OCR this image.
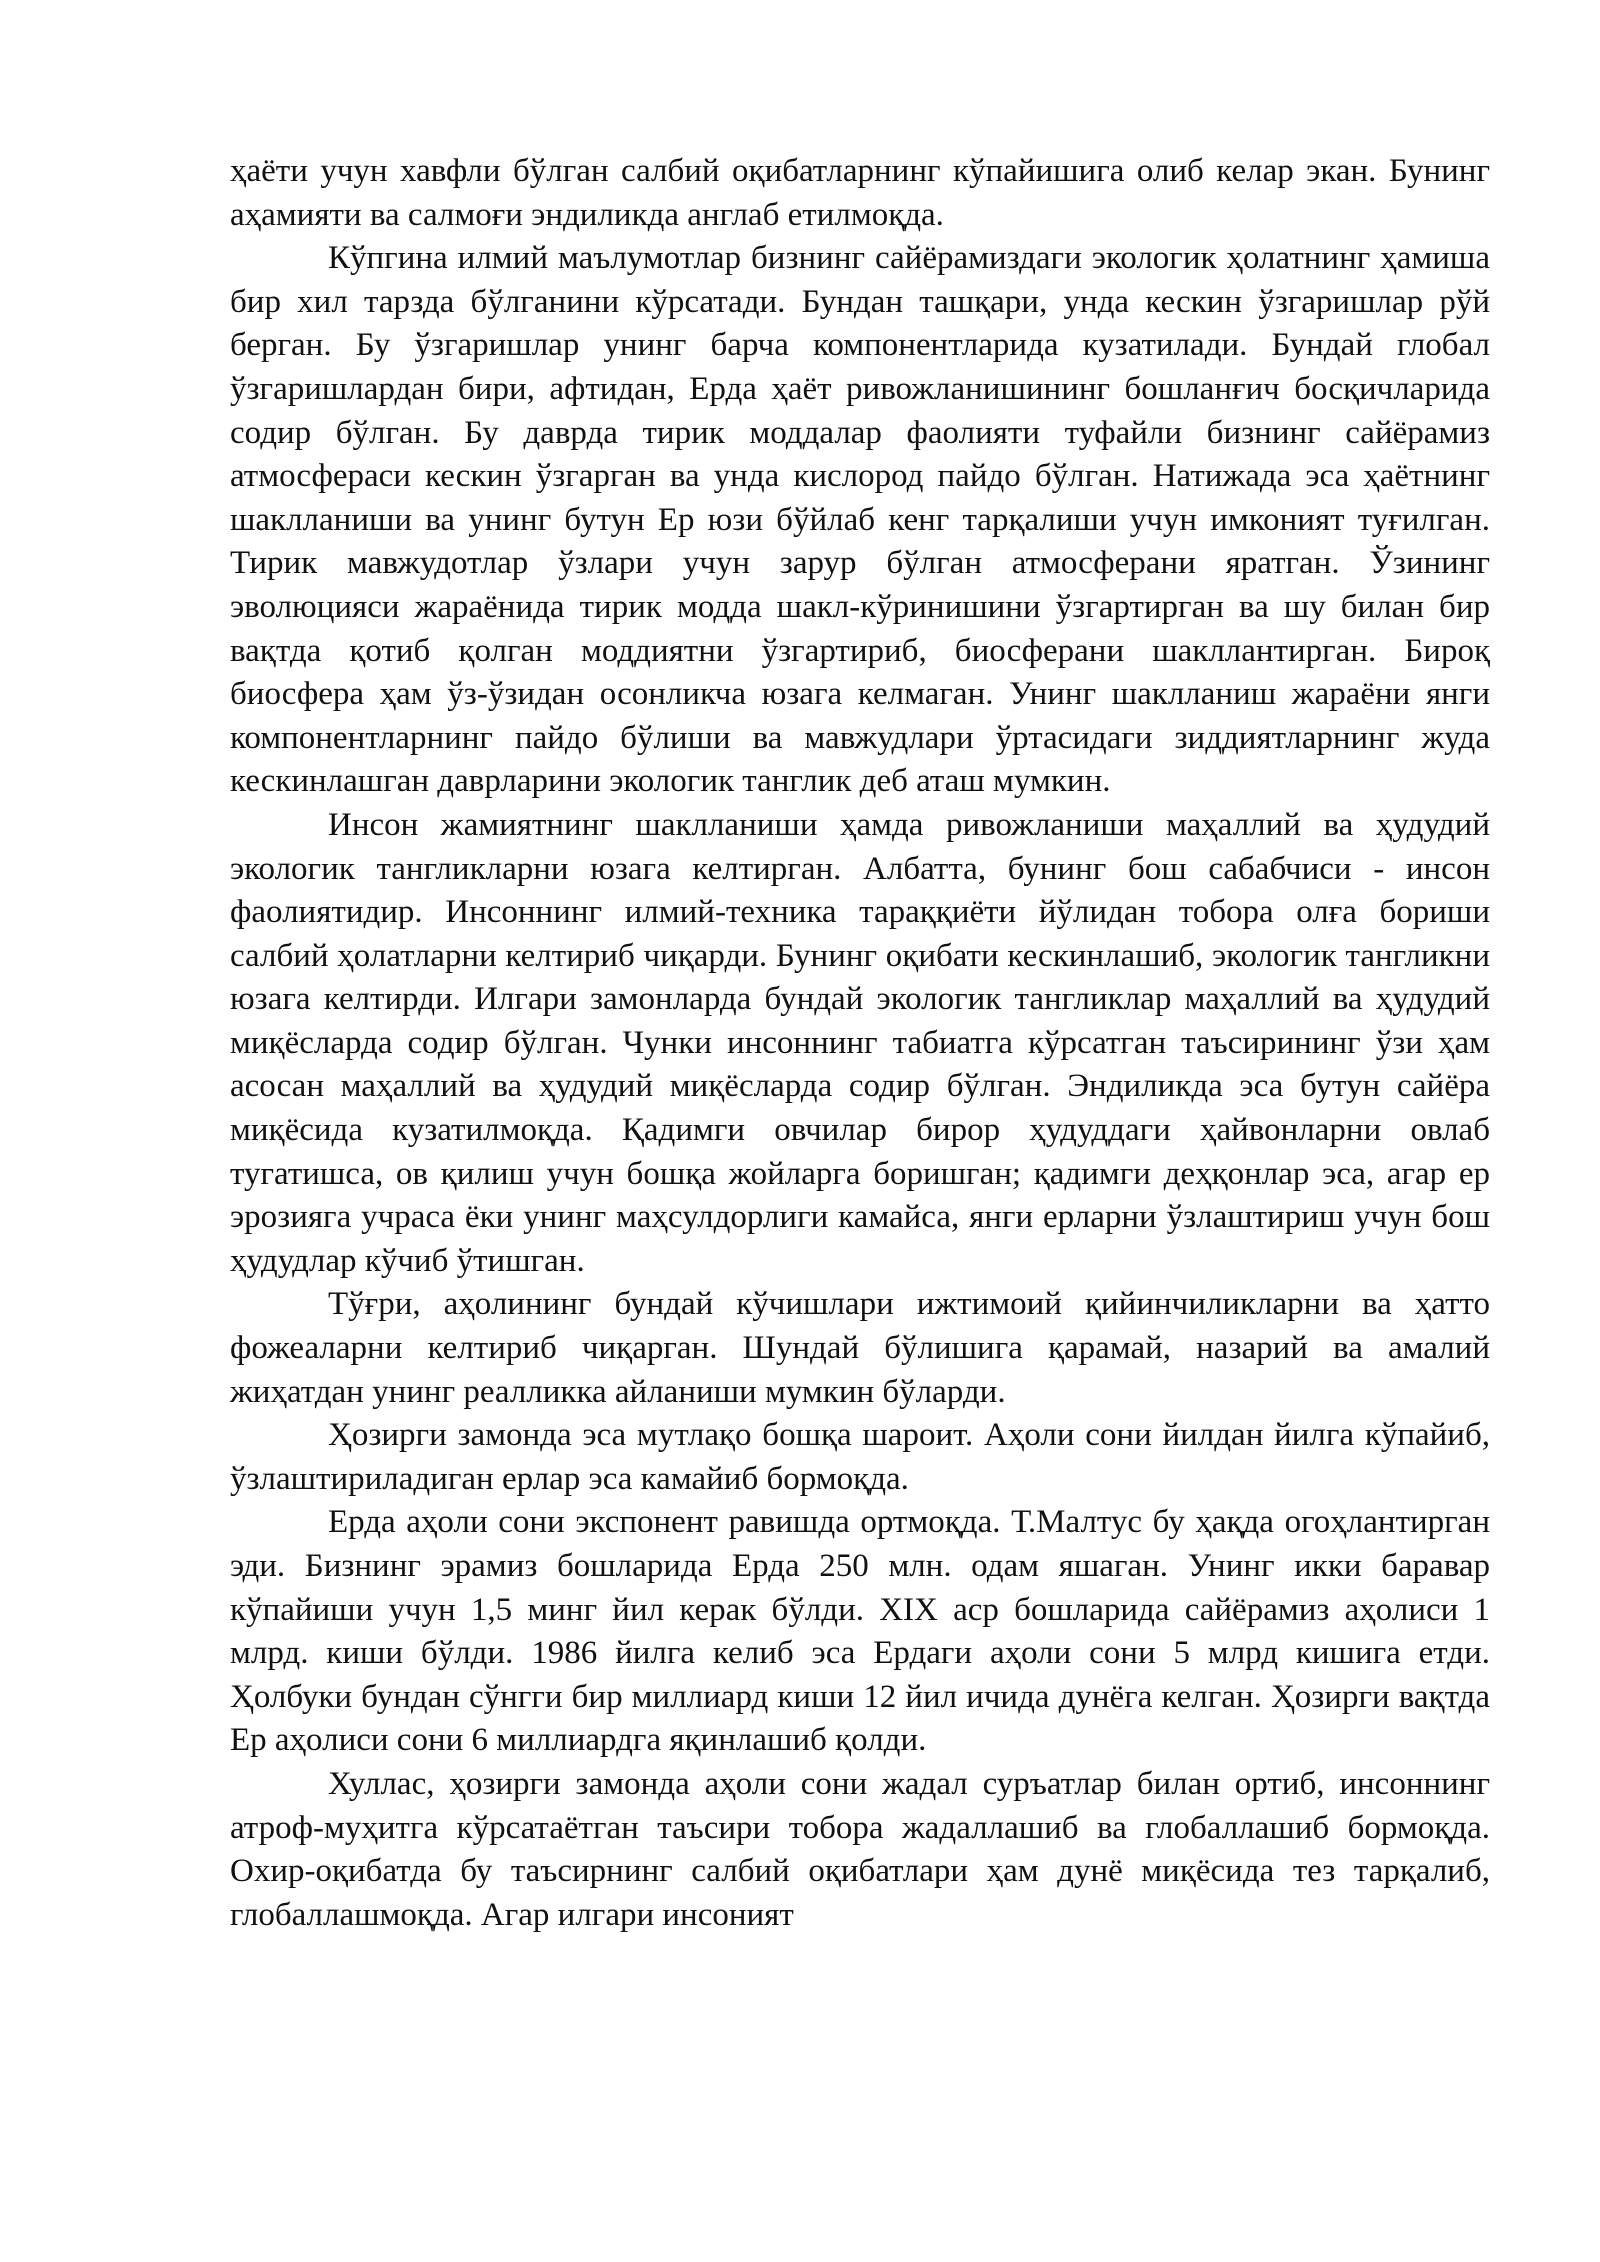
ҳаёти учун хавфли бўлган салбий оқибатларнинг кўпайишига олиб келар экан. Бунинг аҳамияти ва салмоғи эндиликда англаб етилмоқда.

Кўпгина илмий маълумотлар бизнинг сайёрамиздаги экологик ҳолатнинг ҳамиша бир хил тарзда бўлганини кўрсатади. Бундан ташқари, унда кескин ўзгаришлар рўй берган. Бу ўзгаришлар унинг барча компонентларида кузатилади. Бундай глобал ўзгаришлардан бири, афтидан, Ерда ҳаёт ривожланишининг бошланғич босқичларида содир бўлган. Бу даврда тирик моддалар фаолияти туфайли бизнинг сайёрамиз атмосфераси кескин ўзгарган ва унда кислород пайдо бўлган. Натижада эса ҳаётнинг шаклланиши ва унинг бутун Ер юзи бўйлаб кенг тарқалиши учун имконият туғилган. Тирик мавжудотлар ўзлари учун зарур бўлган атмосферани яратган. Ўзининг эволюцияси жараёнида тирик модда шакл-кўринишини ўзгартирган ва шу билан бир вақтда қотиб қолган моддиятни ўзгартириб, биосферани шакллантирган. Бироқ биосфера ҳам ўз-ўзидан осонликча юзага келмаган. Унинг шаклланиш жараёни янги компонентларнинг пайдо бўлиши ва мавжудлари ўртасидаги зиддиятларнинг жуда кескинлашган даврларини экологик танглик деб аташ мумкин.

Инсон жамиятнинг шаклланиши ҳамда ривожланиши маҳаллий ва ҳудудий экологик тангликларни юзага келтирган. Албатта, бунинг бош сабабчиси - инсон фаолиятидир. Инсоннинг илмий-техника тараққиёти йўлидан тобора олға бориши салбий ҳолатларни келтириб чиқарди. Бунинг оқибати кескинлашиб, экологик тангликни юзага келтирди. Илгари замонларда бундай экологик тангликлар маҳаллий ва ҳудудий миқёсларда содир бўлган. Чунки инсоннинг табиатга кўрсатган таъсирининг ўзи ҳам асосан маҳаллий ва ҳудудий миқёсларда содир бўлган. Эндиликда эса бутун сайёра миқёсида кузатилмоқда. Қадимги овчилар бирор ҳудуддаги ҳайвонларни овлаб тугатишса, ов қилиш учун бошқа жойларга боришган; қадимги деҳқонлар эса, агар ер эрозияга учраса ёки унинг маҳсулдорлиги камайса, янги ерларни ўзлаштириш учун бош ҳудудлар кўчиб ўтишган.

Тўғри, аҳолининг бундай кўчишлари ижтимоий қийинчиликларни ва ҳатто фожеаларни келтириб чиқарган. Шундай бўлишига қарамай, назарий ва амалий жиҳатдан унинг реалликка айланиши мумкин бўларди.

Ҳозирги замонда эса мутлақо бошқа шароит. Аҳоли сони йилдан йилга кўпайиб, ўзлаштириладиган ерлар эса камайиб бормоқда.

Ерда аҳоли сони экспонент равишда ортмоқда. Т.Малтус бу ҳақда огоҳлантирган эди. Бизнинг эрамиз бошларида Ерда 250 млн. одам яшаган. Унинг икки баравар кўпайиши учун 1,5 минг йил керак бўлди. XIX аср бошларида сайёрамиз аҳолиси 1 млрд. киши бўлди. 1986 йилга келиб эса Ердаги аҳоли сони 5 млрд кишига етди. Ҳолбуки бундан сўнгги бир миллиард киши 12 йил ичида дунёга келган. Ҳозирги вақтда Ер аҳолиси сони 6 миллиардга яқинлашиб қолди.

Хуллас, ҳозирги замонда аҳоли сони жадал суръатлар билан ортиб, инсоннинг атроф-муҳитга кўрсатаётган таъсири тобора жадаллашиб ва глобаллашиб бормоқда. Охир-оқибатда бу таъсирнинг салбий оқибатлари ҳам дунё миқёсида тез тарқалиб, глобаллашмоқда. Агар илгари инсоният
